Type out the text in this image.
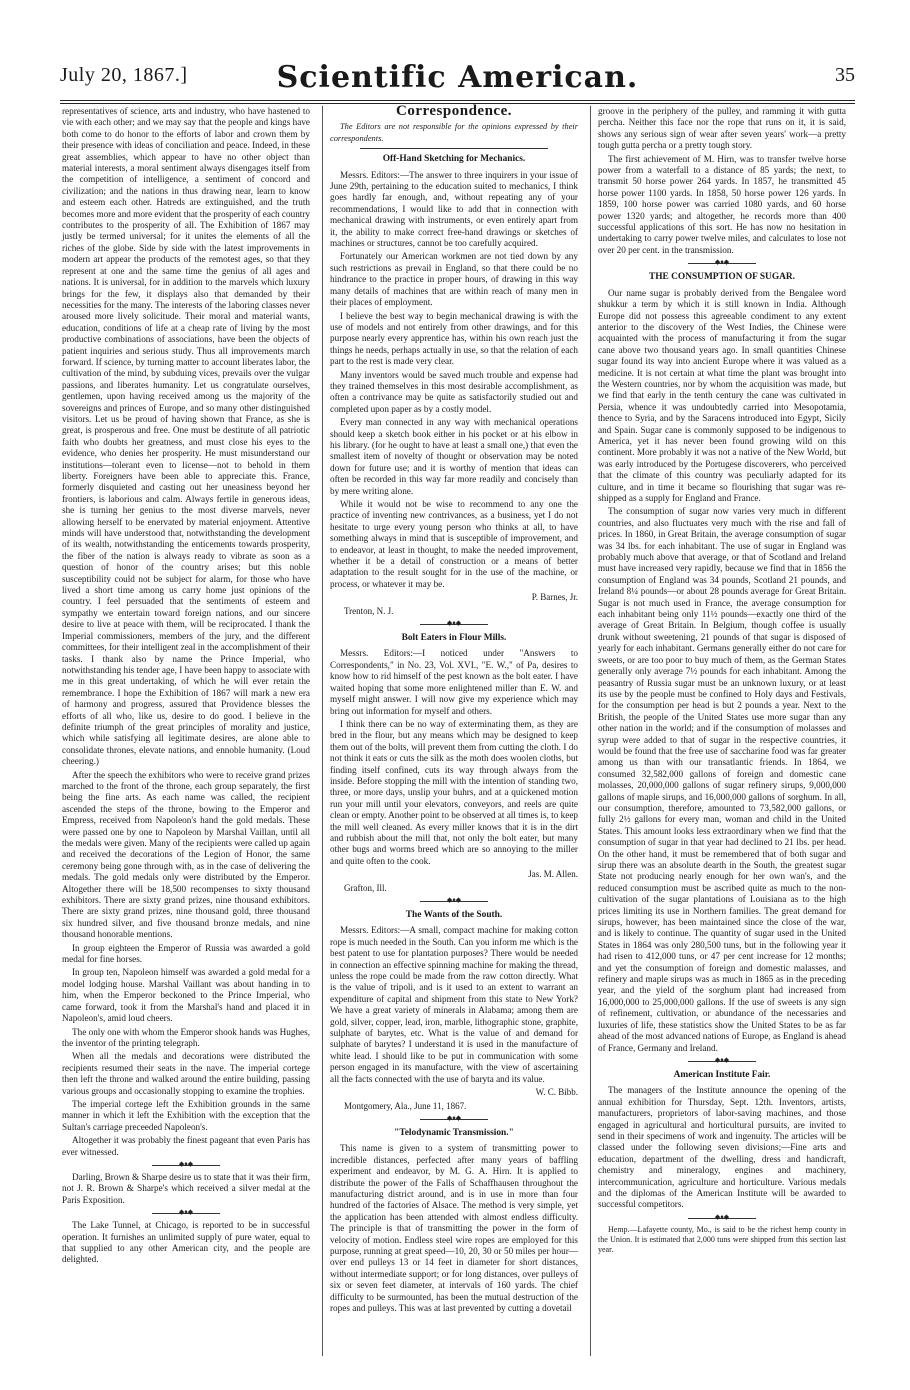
July 20, 1867.]	Scientific American.	35

representatives of science, arts and industry, who have hastened to vie with each other; and we may say that the people and kings have both come to do honor to the efforts of labor and crown them by their presence with ideas of conciliation and peace. Indeed, in these great assemblies, which appear to have no other object than material interests, a moral sentiment always disengages itself from the competition of intelligence, a sentiment of concord and civilization; and the nations in thus drawing near, learn to know and esteem each other. Hatreds are extinguished, and the truth becomes more and more evident that the prosperity of each country contributes to the prosperity of all. The Exhibition of 1867 may justly be termed universal; for it unites the elements of all the riches of the globe. Side by side with the latest improvements in modern art appear the products of the remotest ages, so that they represent at one and the same time the genius of all ages and nations. It is universal, for in addition to the marvels which luxury brings for the few, it displays also that demanded by their necessities for the many. The interests of the laboring classes never aroused more lively solicitude. Their moral and material wants, education, conditions of life at a cheap rate of living by the most productive combinations of associations, have been the objects of patient inquiries and serious study. Thus all improvements march forward. If science, by turning matter to account liberates labor, the cultivation of the mind, by subduing vices, prevails over the vulgar passions, and liberates humanity. Let us congratulate ourselves, gentlemen, upon having received among us the majority of the sovereigns and princes of Europe, and so many other distinguished visitors. Let us be proud of having shown that France, as she is great, is prosperous and free. One must be destitute of all patriotic faith who doubts her greatness, and must close his eyes to the evidence, who denies her prosperity. He must misunderstand our institutions—tolerant even to license—not to behold in them liberty. Foreigners have been able to appreciate this. France, formerly disquieted and casting out her uneasiness beyond her frontiers, is laborious and calm. Always fertile in generous ideas, she is turning her genius to the most diverse marvels, never allowing herself to be enervated by material enjoyment. Attentive minds will have understood that, notwithstanding the development of its wealth, notwithstanding the enticements towards prosperity, the fiber of the nation is always ready to vibrate as soon as a question of honor of the country arises; but this noble susceptibility could not be subject for alarm, for those who have lived a short time among us carry home just opinions of the country. I feel persuaded that the sentiments of esteem and sympathy we entertain toward foreign nations, and our sincere desire to live at peace with them, will be reciprocated. I thank the Imperial commissioners, members of the jury, and the different committees, for their intelligent zeal in the accomplishment of their tasks. I thank also by name the Prince Imperial, who notwithstanding his tender age, I have been happy to associate with me in this great undertaking, of which he will ever retain the remembrance. I hope the Exhibition of 1867 will mark a new era of harmony and progress, assured that Providence blesses the efforts of all who, like us, desire to do good. I believe in the definite triumph of the great principles of morality and justice, which while satisfying all legitimate desires, are alone able to consolidate thrones, elevate nations, and ennoble humanity. (Loud cheering.)

After the speech the exhibitors who were to receive grand prizes marched to the front of the throne, each group separately, the first being the fine arts. As each name was called, the recipient ascended the steps of the throne, bowing to the Emperor and Empress, received from Napoleon's hand the gold medals. These were passed one by one to Napoleon by Marshal Vaillan, until all the medals were given. Many of the recipients were called up again and received the decorations of the Legion of Honor, the same ceremony being gone through with, as in the case of delivering the medals. The gold medals only were distributed by the Emperor. Altogether there will be 18,500 recompenses to sixty thousand exhibitors. There are sixty grand prizes, nine thousand exhibitors. There are sixty grand prizes, nine thousand gold, three thousand six hundred silver, and five thousand bronze medals, and nine thousand honorable mentions.

In group eighteen the Emperor of Russia was awarded a gold medal for fine horses.

In group ten, Napoleon himself was awarded a gold medal for a model lodging house. Marshal Vaillant was about handing in to him, when the Emperor beckoned to the Prince Imperial, who came forward, took it from the Marshal's hand and placed it in Napoleon's, amid loud cheers.

The only one with whom the Emperor shook hands was Hughes, the inventor of the printing telegraph.

When all the medals and decorations were distributed the recipients resumed their seats in the nave. The imperial cortege then left the throne and walked around the entire building, passing various groups and occasionally stopping to examine the trophies.

The imperial cortege left the Exhibition grounds in the same manner in which it left the Exhibition with the exception that the Sultan's carriage preceeded Napoleon's.

Altogether it was probably the finest pageant that even Paris has ever witnessed.

◆♦◆

Darling, Brown & Sharpe desire us to state that it was their firm, not J. R. Brown & Sharpe's which received a silver medal at the Paris Exposition.

◆♦◆

The Lake Tunnel, at Chicago, is reported to be in successful operation. It furnishes an unlimited supply of pure water, equal to that supplied to any other American city, and the people are delighted.

Correspondence.

The Editors are not responsible for the opinions expressed by their correspondents.

Off-Hand Sketching for Mechanics.

Messrs. Editors:—The answer to three inquirers in your issue of June 29th, pertaining to the education suited to mechanics, I think goes hardly far enough, and, without repeating any of your recommendations, I would like to add that in connection with mechanical drawing with instruments, or even entirely apart from it, the ability to make correct free-hand drawings or sketches of machines or structures, cannot be too carefully acquired.

Fortunately our American workmen are not tied down by any such restrictions as prevail in England, so that there could be no hindrance to the practice in proper hours, of drawing in this way many details of machines that are within reach of many men in their places of employment.

I believe the best way to begin mechanical drawing is with the use of models and not entirely from other drawings, and for this purpose nearly every apprentice has, within his own reach just the things he needs, perhaps actually in use, so that the relation of each part to the rest is made very clear.

Many inventors would be saved much trouble and expense had they trained themselves in this most desirable accomplishment, as often a contrivance may be quite as satisfactorily studied out and completed upon paper as by a costly model.

Every man connected in any way with mechanical operations should keep a sketch book either in his pocket or at his elbow in his library. (for he ought to have at least a small one,) that even the smallest item of novelty of thought or observation may be noted down for future use; and it is worthy of mention that ideas can often be recorded in this way far more readily and concisely than by mere writing alone.

While it would not be wise to recommend to any one the practice of inventing new contrivances, as a business, yet I do not hesitate to urge every young person who thinks at all, to have something always in mind that is susceptible of improvement, and to endeavor, at least in thought, to make the needed improvement, whether it be a detail of construction or a means of better adaptation to the result sought for in the use of the machine, or process, or whatever it may be.

P. Barnes, Jr.
Trenton, N. J.
◆♦◆
Bolt Eaters in Flour Mills.

Messrs. Editors:—I noticed under "Answers to Correspondents," in No. 23, Vol. XVI., "E. W.," of Pa, desires to know how to rid himself of the pest known as the bolt eater. I have waited hoping that some more enlightened miller than E. W. and myself might answer. I will now give my experience which may bring out information for myself and others.

I think there can be no way of exterminating them, as they are bred in the flour, but any means which may be designed to keep them out of the bolts, will prevent them from cutting the cloth. I do not think it eats or cuts the silk as the moth does woolen cloths, but finding itself confined, cuts its way through always from the inside. Before stopping the mill with the intention of standing two, three, or more days, unslip your buhrs, and at a quickened motion run your mill until your elevators, conveyors, and reels are quite clean or empty. Another point to be observed at all times is, to keep the mill well cleaned. As every miller knows that it is in the dirt and rubbish about the mill that, not only the bolt eater, but many other bugs and worms breed which are so annoying to the miller and quite often to the cook.

Jas. M. Allen.
Grafton, Ill.
◆♦◆
The Wants of the South.

Messrs. Editors:—A small, compact machine for making cotton rope is much needed in the South. Can you inform me which is the best patent to use for plantation purposes? There would be needed in connection an effective spinning machine for making the thread, unless the rope could be made from the raw cotton directly. What is the value of tripoli, and is it used to an extent to warrant an expenditure of capital and shipment from this state to New York? We have a great variety of minerals in Alabama; among them are gold, silver, copper, lead, iron, marble, lithographic stone, graphite, sulphate of barytes, etc. What is the value of and demand for sulphate of barytes? I understand it is used in the manufacture of white lead. I should like to be put in communication with some person engaged in its manufacture, with the view of ascertaining all the facts connected with the use of baryta and its value.

W. C. Bibb.
Montgomery, Ala., June 11, 1867.
◆♦◆
"Telodynamic Transmission."

This name is given to a system of transmitting power to incredible distances, perfected after many years of baffling experiment and endeavor, by M. G. A. Hirn. It is applied to distribute the power of the Falls of Schaffhausen throughout the manufacturing district around, and is in use in more than four hundred of the factories of Alsace. The method is very simple, yet the application has been attended with almost endless difficulty. The principle is that of transmitting the power in the form of velocity of motion. Endless steel wire ropes are employed for this purpose, running at great speed—10, 20, 30 or 50 miles per hour—over end pulleys 13 or 14 feet in diameter for short distances, without intermediate support; or for long distances, over pulleys of six or seven feet diameter, at intervals of 160 yards. The chief difficulty to be surmounted, has been the mutual destruction of the ropes and pulleys. This was at last prevented by cutting a dovetail

groove in the periphery of the pulley, and ramming it with gutta percha. Neither this face nor the rope that runs on it, it is said, shows any serious sign of wear after seven years' work—a pretty tough gutta percha or a pretty tough story.

The first achievement of M. Hirn, was to transfer twelve horse power from a waterfall to a distance of 85 yards; the next, to transmit 50 horse power 264 yards. In 1857, he transmitted 45 horse power 1100 yards. In 1858, 50 horse power 126 yards. In 1859, 100 horse power was carried 1080 yards, and 60 horse power 1320 yards; and altogether, he records more than 400 successful applications of this sort. He has now no hesitation in undertaking to carry power twelve miles, and calculates to lose not over 20 per cent. in the transmission.

◆♦◆
THE CONSUMPTION OF SUGAR.

Our name sugar is probably derived from the Bengalee word shukkur a term by which it is still known in India. Although Europe did not possess this agreeable condiment to any extent anterior to the discovery of the West Indies, the Chinese were acquainted with the process of manufacturing it from the sugar cane above two thousand years ago. In small quantities Chinese sugar found its way into ancient Europe where it was valued as a medicine. It is not certain at what time the plant was brought into the Western countries, nor by whom the acquisition was made, but we find that early in the tenth century the cane was cultivated in Persia, whence it was undoubtedly carried into Mesopotamia, thence to Syria, and by the Saracens introduced into Egypt, Sicily and Spain. Sugar cane is commonly supposed to be indigenous to America, yet it has never been found growing wild on this continent. More probably it was not a native of the New World, but was early introduced by the Portugese discoverers, who perceived that the climate of this country was peculiarly adapted for its culture, and in time it became so flourishing that sugar was re-shipped as a supply for England and France.

The consumption of sugar now varies very much in different countries, and also fluctuates very much with the rise and fall of prices. In 1860, in Great Britain, the average consumption of sugar was 34 lbs. for each inhabitant. The use of sugar in England was probably much above that average, or that of Scotland and Ireland must have increased very rapidly, because we find that in 1856 the consumption of England was 34 pounds, Scotland 21 pounds, and Ireland 8¼ pounds—or about 28 pounds average for Great Britain. Sugar is not much used in France, the average consumption for each inhabitant being only 11½ pounds—exactly one third of the average of Great Britain. In Belgium, though coffee is usually drunk without sweetening, 21 pounds of that sugar is disposed of yearly for each inhabitant. Germans generally either do not care for sweets, or are too poor to buy much of them, as the German States generally only average 7½ pounds for each inhabitant. Among the peasantry of Russia sugar must be an unknown luxury, or at least its use by the people must be confined to Holy days and Festivals, for the consumption per head is but 2 pounds a year. Next to the British, the people of the United States use more sugar than any other nation in the world; and if the consumption of molasses and syrup were added to that of sugar in the respective countries, it would be found that the free use of saccharine food was far greater among us than with our transatlantic friends. In 1864, we consumed 32,582,000 gallons of foreign and domestic cane molasses, 20,000,000 gallons of sugar refinery sirups, 9,000,000 gallons of maple sirups, and 16,000,000 gallons of sorghum. In all, our consumption, therefore, amounted to 73,582,000 gallons, or fully 2½ gallons for every man, woman and child in the United States. This amount looks less extraordinary when we find that the consumption of sugar in that year had declined to 21 lbs. per head. On the other hand, it must be remembered that of both sugar and sirup there was an absolute dearth in the South, the greatest sugar State not producing nearly enough for her own wan's, and the reduced consumption must be ascribed quite as much to the non-cultivation of the sugar plantations of Louisiana as to the high prices limiting its use in Northern families. The great demand for sirups, however, has been maintained since the close of the war, and is likely to continue. The quantity of sugar used in the United States in 1864 was only 280,500 tuns, but in the following year it had risen to 412,000 tuns, or 47 per cent increase for 12 months; and yet the consumption of foreign and domestic malasses, and refinery and maple sirups was as much in 1865 as in the preceding year, and the yield of the sorghum plant had increased from 16,000,000 to 25,000,000 gallons. If the use of sweets is any sign of refinement, cultivation, or abundance of the necessaries and luxuries of life, these statistics show the United States to be as far ahead of the most advanced nations of Europe, as England is ahead of France, Germany and Ireland.

◆♦◆
American Institute Fair.

The managers of the Institute announce the opening of the annual exhibition for Thursday, Sept. 12th. Inventors, artists, manufacturers, proprietors of labor-saving machines, and those engaged in agricultural and horticultural pursuits, are invited to send in their specimens of work and ingenuity. The articles will be classed under the following seven divisions;—Fine arts and education, department of the dwelling, dress and handicraft, chemistry and mineralogy, engines and machinery, intercommunication, agriculture and horticulture. Various medals and the diplomas of the American Institute will be awarded to successful competitors.

◆♦◆

Hemp.—Lafayette county, Mo., is said to be the richest hemp county in the Union. It is estimated that 2,000 tuns were shipped from this section last year.
